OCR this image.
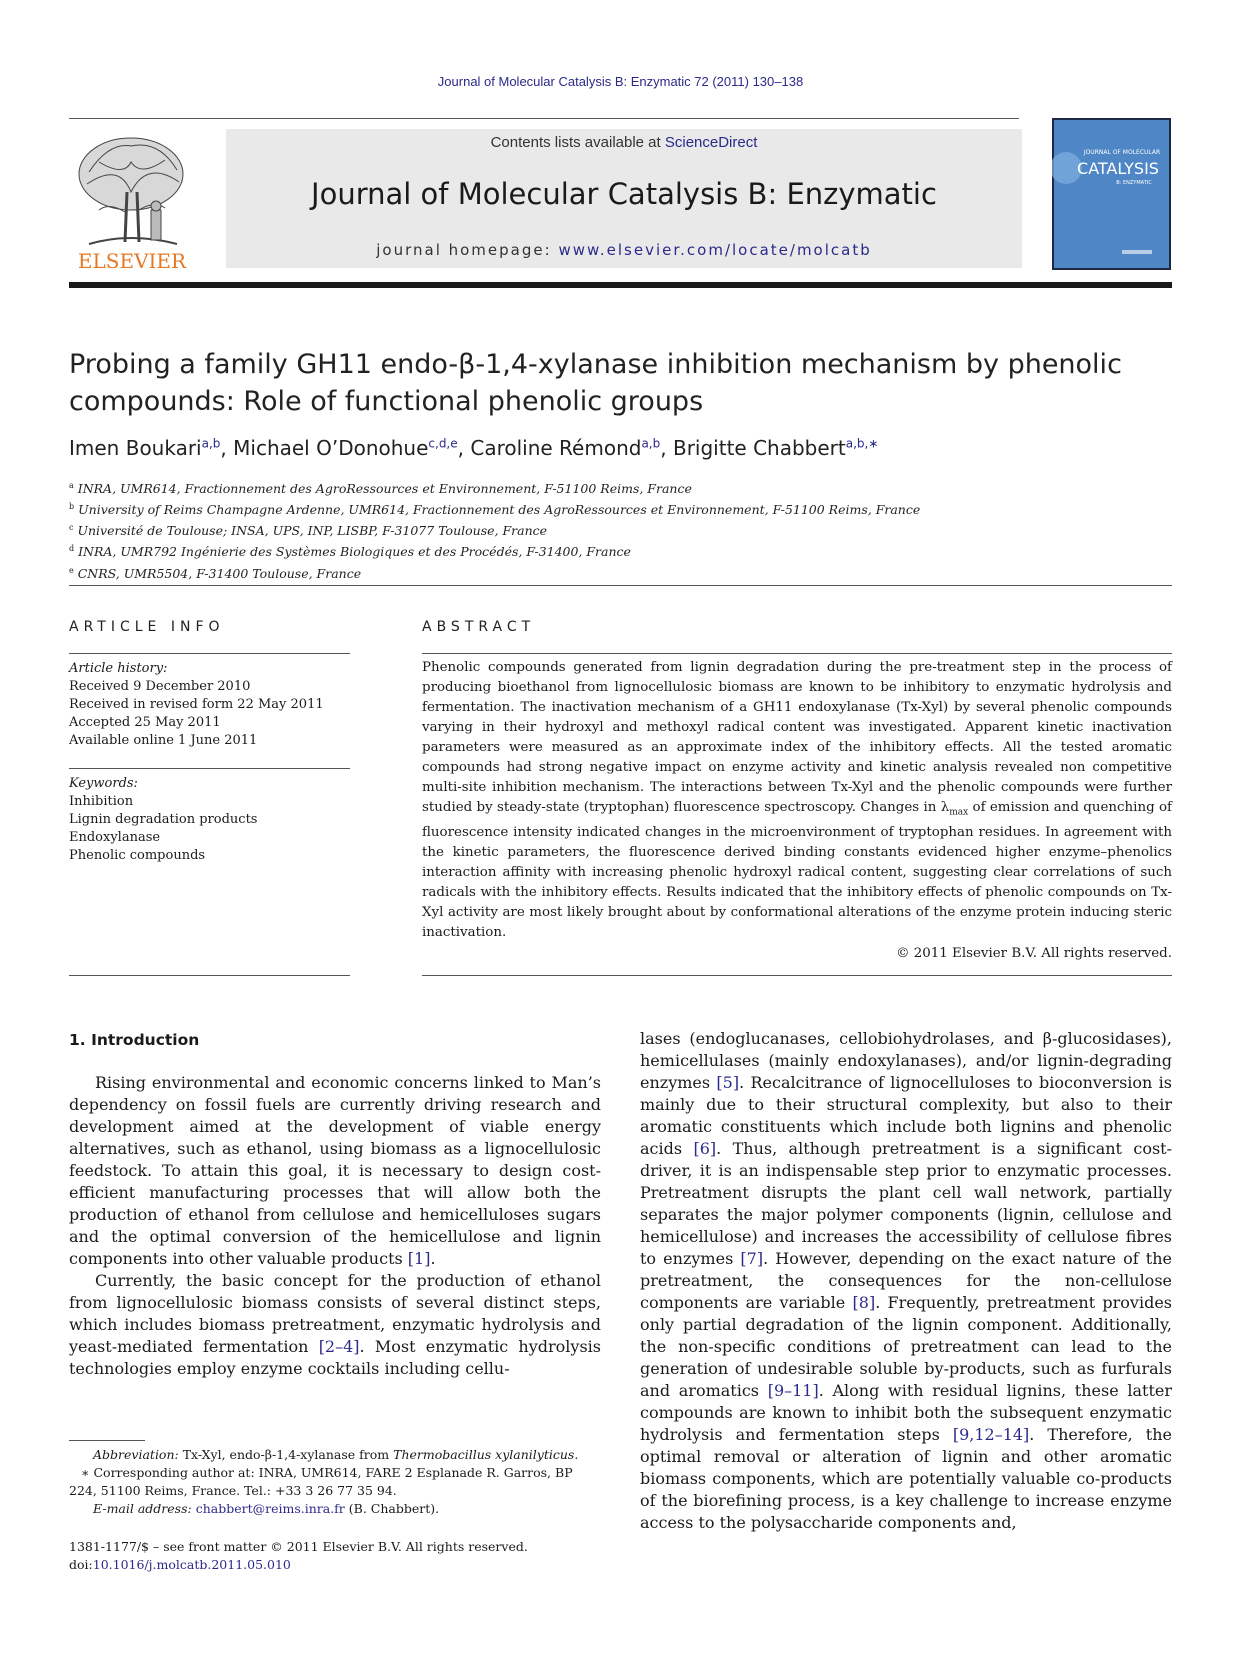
Journal of Molecular Catalysis B: Enzymatic 72 (2011) 130–138
ELSEVIER
Contents lists available at ScienceDirect
Journal of Molecular Catalysis B: Enzymatic
journal homepage: www.elsevier.com/locate/molcatb
JOURNAL OF MOLECULAR
CATALYSIS
B: ENZYMATIC
Probing a family GH11 endo-β-1,4-xylanase inhibition mechanism by phenolic compounds: Role of functional phenolic groups
Imen Boukari$^{a,b}$, Michael O’Donohue$^{c,d,e}$, Caroline Rémond$^{a,b}$, Brigitte Chabbert$^{a,b,∗}$
$^a$ INRA, UMR614, Fractionnement des AgroRessources et Environnement, F-51100 Reims, France
$^b$ University of Reims Champagne Ardenne, UMR614, Fractionnement des AgroRessources et Environnement, F-51100 Reims, France
$^c$ Université de Toulouse; INSA, UPS, INP, LISBP, F-31077 Toulouse, France
$^d$ INRA, UMR792 Ingénierie des Systèmes Biologiques et des Procédés, F-31400, France
$^e$ CNRS, UMR5504, F-31400 Toulouse, France
ARTICLE INFO	ABSTRACT
Article history:
Received 9 December 2010
Received in revised form 22 May 2011
Accepted 25 May 2011
Available online 1 June 2011
Keywords:
Inhibition
Lignin degradation products
Endoxylanase
Phenolic compounds
Phenolic compounds generated from lignin degradation during the pre-treatment step in the process of producing bioethanol from lignocellulosic biomass are known to be inhibitory to enzymatic hydrolysis and fermentation. The inactivation mechanism of a GH11 endoxylanase (Tx-Xyl) by several phenolic compounds varying in their hydroxyl and methoxyl radical content was investigated. Apparent kinetic inactivation parameters were measured as an approximate index of the inhibitory effects. All the tested aromatic compounds had strong negative impact on enzyme activity and kinetic analysis revealed non competitive multi-site inhibition mechanism. The interactions between Tx-Xyl and the phenolic compounds were further studied by steady-state (tryptophan) fluorescence spectroscopy. Changes in $\lambda_{max}$ of emission and quenching of fluorescence intensity indicated changes in the microenvironment of tryptophan residues. In agreement with the kinetic parameters, the fluorescence derived binding constants evidenced higher enzyme–phenolics interaction affinity with increasing phenolic hydroxyl radical content, suggesting clear correlations of such radicals with the inhibitory effects. Results indicated that the inhibitory effects of phenolic compounds on Tx-Xyl activity are most likely brought about by conformational alterations of the enzyme protein inducing steric inactivation.
© 2011 Elsevier B.V. All rights reserved.
1. Introduction

Rising environmental and economic concerns linked to Man’s dependency on fossil fuels are currently driving research and development aimed at the development of viable energy alternatives, such as ethanol, using biomass as a lignocellulosic feedstock. To attain this goal, it is necessary to design cost-efficient manufacturing processes that will allow both the production of ethanol from cellulose and hemicelluloses sugars and the optimal conversion of the hemicellulose and lignin components into other valuable products [1].

Currently, the basic concept for the production of ethanol from lignocellulosic biomass consists of several distinct steps, which includes biomass pretreatment, enzymatic hydrolysis and yeast-mediated fermentation [2–4]. Most enzymatic hydrolysis technologies employ enzyme cocktails including cellu-

lases (endoglucanases, cellobiohydrolases, and β-glucosidases), hemicellulases (mainly endoxylanases), and/or lignin-degrading enzymes [5]. Recalcitrance of lignocelluloses to bioconversion is mainly due to their structural complexity, but also to their aromatic constituents which include both lignins and phenolic acids [6]. Thus, although pretreatment is a significant cost-driver, it is an indispensable step prior to enzymatic processes. Pretreatment disrupts the plant cell wall network, partially separates the major polymer components (lignin, cellulose and hemicellulose) and increases the accessibility of cellulose fibres to enzymes [7]. However, depending on the exact nature of the pretreatment, the consequences for the non-cellulose components are variable [8]. Frequently, pretreatment provides only partial degradation of the lignin component. Additionally, the non-specific conditions of pretreatment can lead to the generation of undesirable soluble by-products, such as furfurals and aromatics [9–11]. Along with residual lignins, these latter compounds are known to inhibit both the subsequent enzymatic hydrolysis and fermentation steps [9,12–14]. Therefore, the optimal removal or alteration of lignin and other aromatic biomass components, which are potentially valuable co-products of the biorefining process, is a key challenge to increase enzyme access to the polysaccharide components and,

Abbreviation: Tx-Xyl, endo-β-1,4-xylanase from Thermobacillus xylanilyticus.
∗ Corresponding author at: INRA, UMR614, FARE 2 Esplanade R. Garros, BP 224, 51100 Reims, France. Tel.: +33 3 26 77 35 94.
E-mail address: chabbert@reims.inra.fr (B. Chabbert).
1381-1177/$ – see front matter © 2011 Elsevier B.V. All rights reserved.
doi:10.1016/j.molcatb.2011.05.010
